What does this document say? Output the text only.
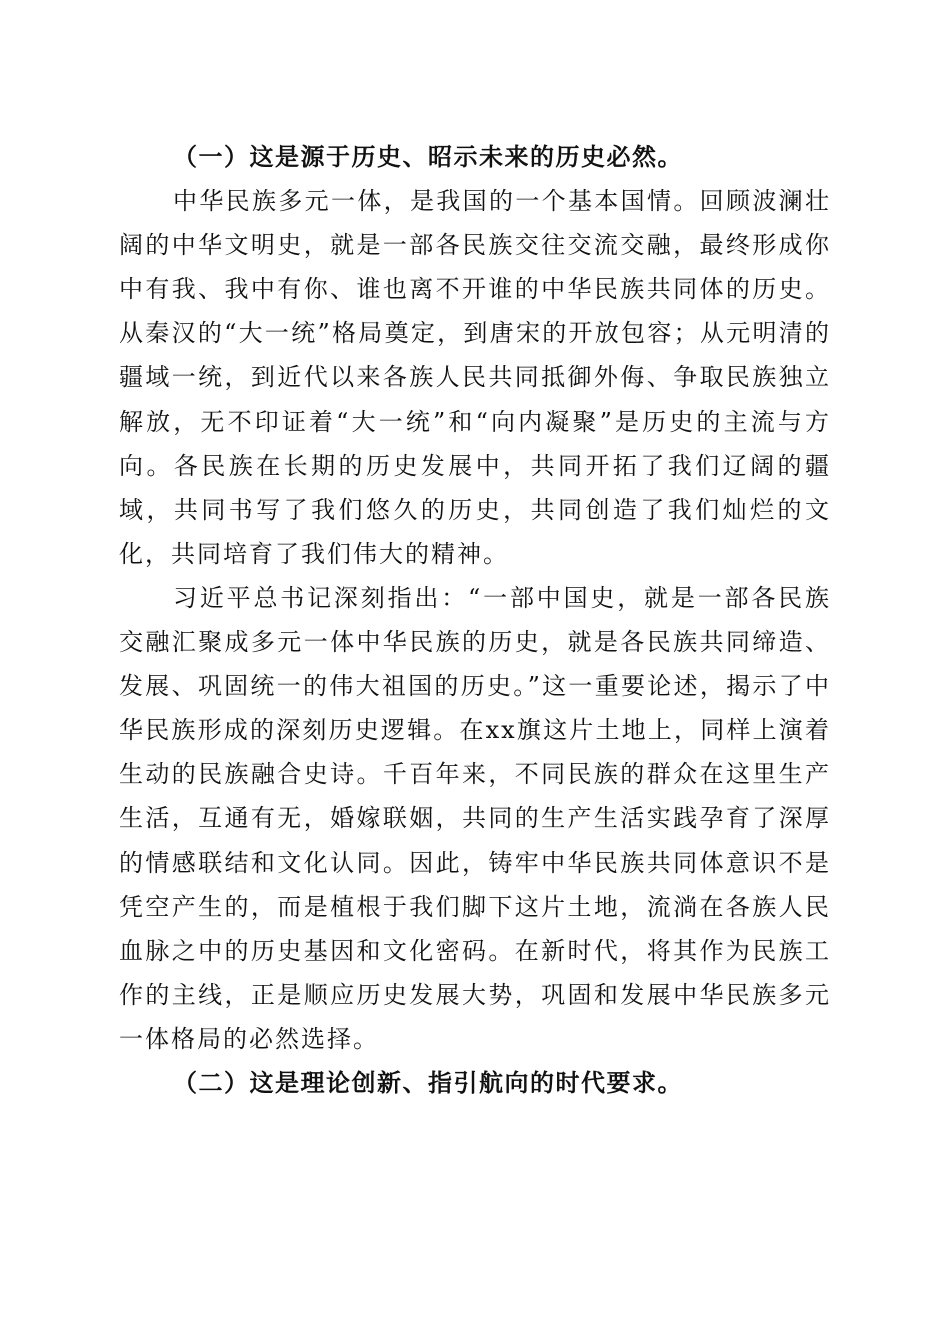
（一）这是源于历史、昭示未来的历史必然。

中华民族多元一体，是我国的一个基本国情。回顾波澜壮阔的中华文明史，就是一部各民族交往交流交融，最终形成你中有我、我中有你、谁也离不开谁的中华民族共同体的历史。从秦汉的“大一统”格局奠定，到唐宋的开放包容；从元明清的疆域一统，到近代以来各族人民共同抵御外侮、争取民族独立解放，无不印证着“大一统”和“向内凝聚”是历史的主流与方向。各民族在长期的历史发展中，共同开拓了我们辽阔的疆域，共同书写了我们悠久的历史，共同创造了我们灿烂的文化，共同培育了我们伟大的精神。

习近平总书记深刻指出：“一部中国史，就是一部各民族交融汇聚成多元一体中华民族的历史，就是各民族共同缔造、发展、巩固统一的伟大祖国的历史。”这一重要论述，揭示了中华民族形成的深刻历史逻辑。在xx旗这片土地上，同样上演着生动的民族融合史诗。千百年来，不同民族的群众在这里生产生活，互通有无，婚嫁联姻，共同的生产生活实践孕育了深厚的情感联结和文化认同。因此，铸牢中华民族共同体意识不是凭空产生的，而是植根于我们脚下这片土地，流淌在各族人民血脉之中的历史基因和文化密码。在新时代，将其作为民族工作的主线，正是顺应历史发展大势，巩固和发展中华民族多元一体格局的必然选择。

（二）这是理论创新、指引航向的时代要求。
